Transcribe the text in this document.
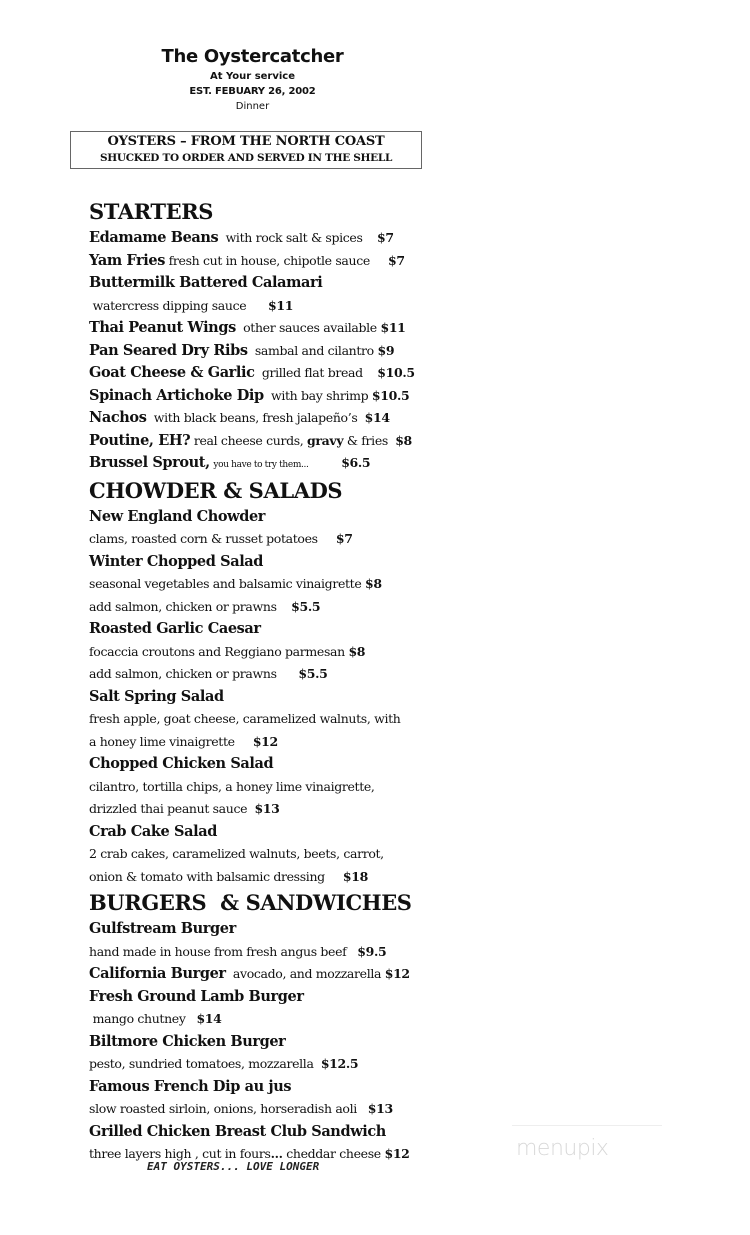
The Oystercatcher
At Your service
EST. FEBUARY 26, 2002
Dinner
OYSTERS – FROM THE NORTH COAST
SHUCKED TO ORDER AND SERVED IN THE SHELL
STARTERS
Edamame Beans with rock salt & spices $7
Yam Fries fresh cut in house, chipotle sauce $7
Buttermilk Battered Calamari
watercress dipping sauce $11
Thai Peanut Wings other sauces available $11
Pan Seared Dry Ribs sambal and cilantro $9
Goat Cheese & Garlic grilled flat bread $10.5
Spinach Artichoke Dip with bay shrimp $10.5
Nachos with black beans, fresh jalapeño’s $14
Poutine, EH? real cheese curds, gravy & fries $8
Brussel Sprout, you have to try them...	$6.5
CHOWDER & SALADS
New England Chowder
clams, roasted corn & russet potatoes $7
Winter Chopped Salad
seasonal vegetables and balsamic vinaigrette $8
add salmon, chicken or prawns $5.5
Roasted Garlic Caesar
focaccia croutons and Reggiano parmesan $8
add salmon, chicken or prawns $5.5
Salt Spring Salad
fresh apple, goat cheese, caramelized walnuts, with
a honey lime vinaigrette $12
Chopped Chicken Salad
cilantro, tortilla chips, a honey lime vinaigrette,
drizzled thai peanut sauce $13
Crab Cake Salad
2 crab cakes, caramelized walnuts, beets, carrot,
onion & tomato with balsamic dressing $18
BURGERS  & SANDWICHES
Gulfstream Burger
hand made in house from fresh angus beef $9.5
California Burger avocado, and mozzarella $12
Fresh Ground Lamb Burger
mango chutney $14
Biltmore Chicken Burger
pesto, sundried tomatoes, mozzarella $12.5
Famous French Dip au jus
slow roasted sirloin, onions, horseradish aoli $13
Grilled Chicken Breast Club Sandwich
three layers high , cut in fours... cheddar cheese $12
EAT OYSTERS... LOVE LONGER
menupix
